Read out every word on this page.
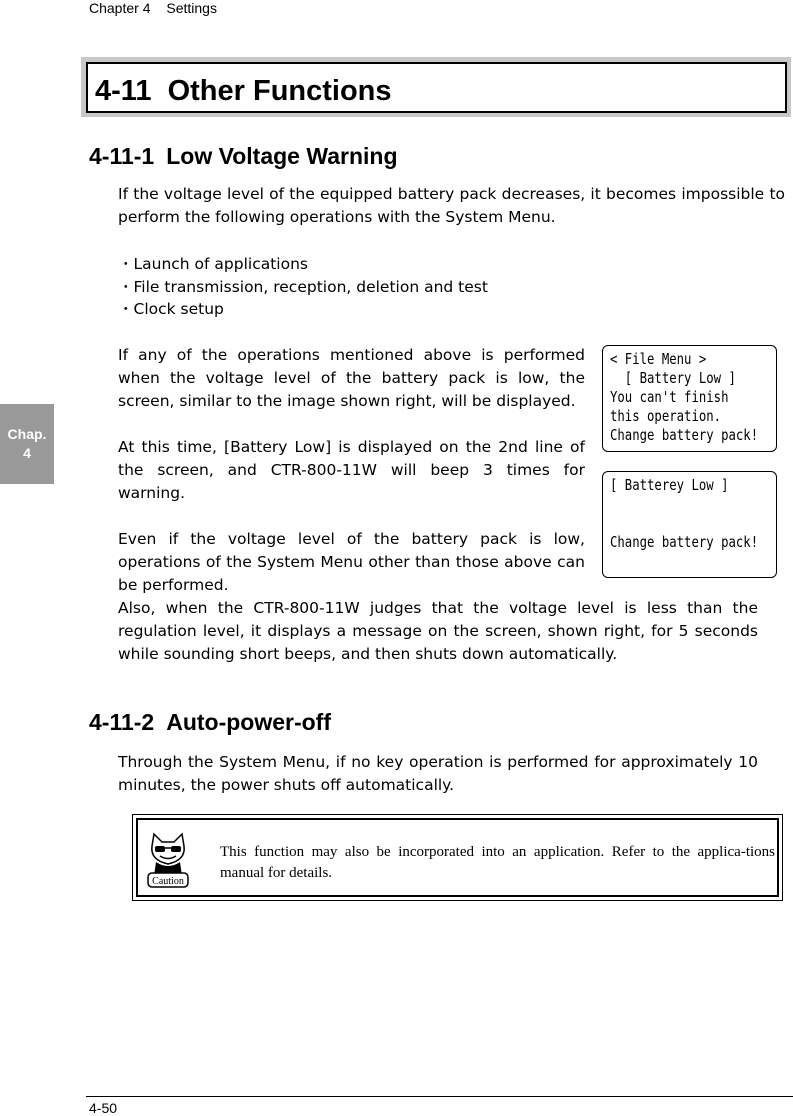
Chapter 4 Settings
4-11 Other Functions
4-11-1 Low Voltage Warning
If the voltage level of the equipped battery pack decreases, it becomes impossible to perform the following operations with the System Menu.
・Launch of applications
・File transmission, reception, deletion and test
・Clock setup
If any of the operations mentioned above is performed when the voltage level of the battery pack is low, the screen, similar to the image shown right, will be displayed.
At this time, [Battery Low] is displayed on the 2nd line of the screen, and CTR-800-11W will beep 3 times for warning.
Even if the voltage level of the battery pack is low, operations of the System Menu other than those above can be performed.
Also, when the CTR-800-11W judges that the voltage level is less than the regulation level, it displays a message on the screen, shown right, for 5 seconds while sounding short beeps, and then shuts down automatically.
< File Menu >
[ Battery Low ]
You can't finish
this operation.
Change battery pack!
[ Batterey Low ]

Change battery pack!
Chap.
4
4-11-2 Auto-power-off
Through the System Menu, if no key operation is performed for approximately 10 minutes, the power shuts off automatically.
Caution
This function may also be incorporated into an application. Refer to the applica-tions manual for details.
4-50
